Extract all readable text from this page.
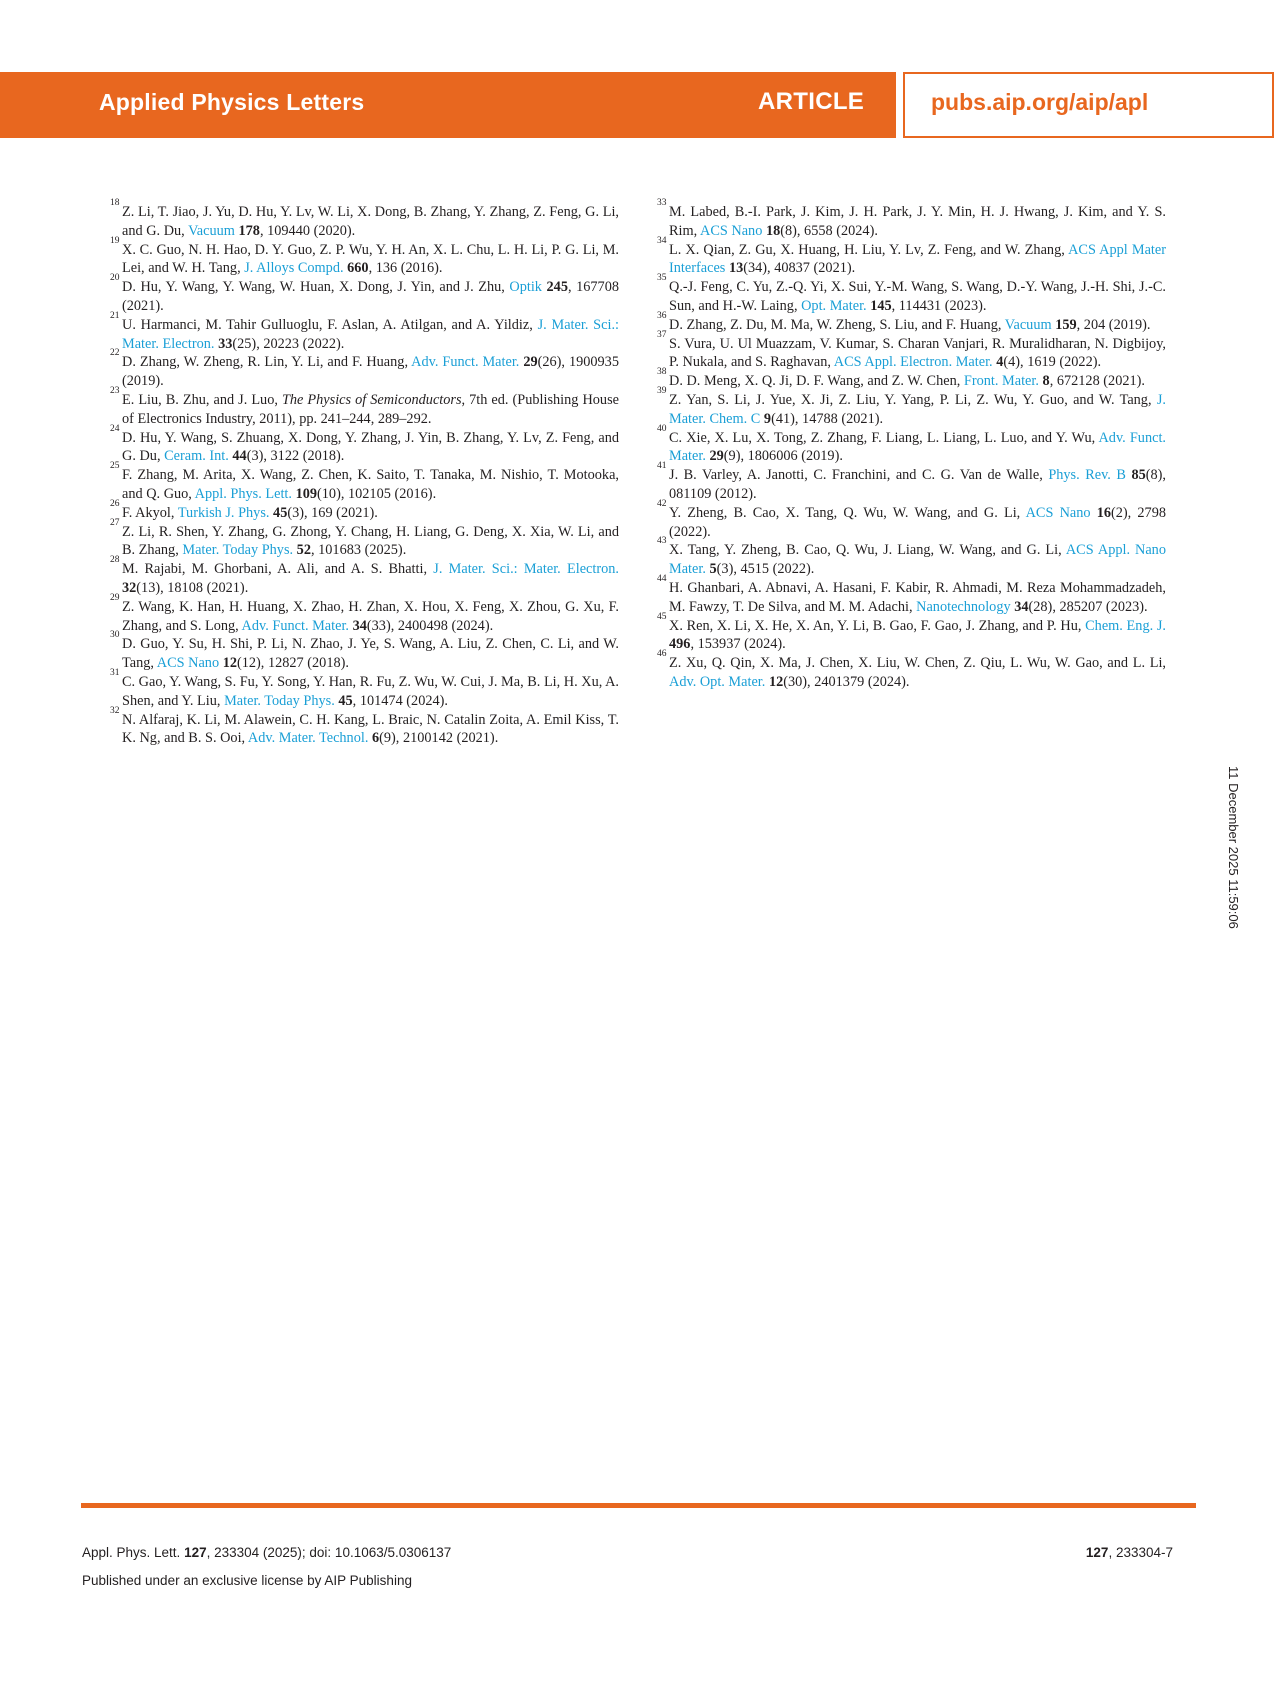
Applied Physics Letters	ARTICLE	pubs.aip.org/aip/apl
18
Z. Li, T. Jiao, J. Yu, D. Hu, Y. Lv, W. Li, X. Dong, B. Zhang, Y. Zhang, Z. Feng, G. Li, and G. Du, Vacuum 178, 109440 (2020).
19
X. C. Guo, N. H. Hao, D. Y. Guo, Z. P. Wu, Y. H. An, X. L. Chu, L. H. Li, P. G. Li, M. Lei, and W. H. Tang, J. Alloys Compd. 660, 136 (2016).
20
D. Hu, Y. Wang, Y. Wang, W. Huan, X. Dong, J. Yin, and J. Zhu, Optik 245, 167708 (2021).
21
U. Harmanci, M. Tahir Gulluoglu, F. Aslan, A. Atilgan, and A. Yildiz, J. Mater. Sci.: Mater. Electron. 33(25), 20223 (2022).
22
D. Zhang, W. Zheng, R. Lin, Y. Li, and F. Huang, Adv. Funct. Mater. 29(26), 1900935 (2019).
23
E. Liu, B. Zhu, and J. Luo, The Physics of Semiconductors, 7th ed. (Publishing House of Electronics Industry, 2011), pp. 241–244, 289–292.
24
D. Hu, Y. Wang, S. Zhuang, X. Dong, Y. Zhang, J. Yin, B. Zhang, Y. Lv, Z. Feng, and G. Du, Ceram. Int. 44(3), 3122 (2018).
25
F. Zhang, M. Arita, X. Wang, Z. Chen, K. Saito, T. Tanaka, M. Nishio, T. Motooka, and Q. Guo, Appl. Phys. Lett. 109(10), 102105 (2016).
26
F. Akyol, Turkish J. Phys. 45(3), 169 (2021).
27
Z. Li, R. Shen, Y. Zhang, G. Zhong, Y. Chang, H. Liang, G. Deng, X. Xia, W. Li, and B. Zhang, Mater. Today Phys. 52, 101683 (2025).
28
M. Rajabi, M. Ghorbani, A. Ali, and A. S. Bhatti, J. Mater. Sci.: Mater. Electron. 32(13), 18108 (2021).
29
Z. Wang, K. Han, H. Huang, X. Zhao, H. Zhan, X. Hou, X. Feng, X. Zhou, G. Xu, F. Zhang, and S. Long, Adv. Funct. Mater. 34(33), 2400498 (2024).
30
D. Guo, Y. Su, H. Shi, P. Li, N. Zhao, J. Ye, S. Wang, A. Liu, Z. Chen, C. Li, and W. Tang, ACS Nano 12(12), 12827 (2018).
31
C. Gao, Y. Wang, S. Fu, Y. Song, Y. Han, R. Fu, Z. Wu, W. Cui, J. Ma, B. Li, H. Xu, A. Shen, and Y. Liu, Mater. Today Phys. 45, 101474 (2024).
32
N. Alfaraj, K. Li, M. Alawein, C. H. Kang, L. Braic, N. Catalin Zoita, A. Emil Kiss, T. K. Ng, and B. S. Ooi, Adv. Mater. Technol. 6(9), 2100142 (2021).
33
M. Labed, B.-I. Park, J. Kim, J. H. Park, J. Y. Min, H. J. Hwang, J. Kim, and Y. S. Rim, ACS Nano 18(8), 6558 (2024).
34
L. X. Qian, Z. Gu, X. Huang, H. Liu, Y. Lv, Z. Feng, and W. Zhang, ACS Appl Mater Interfaces 13(34), 40837 (2021).
35
Q.-J. Feng, C. Yu, Z.-Q. Yi, X. Sui, Y.-M. Wang, S. Wang, D.-Y. Wang, J.-H. Shi, J.-C. Sun, and H.-W. Laing, Opt. Mater. 145, 114431 (2023).
36
D. Zhang, Z. Du, M. Ma, W. Zheng, S. Liu, and F. Huang, Vacuum 159, 204 (2019).
37
S. Vura, U. Ul Muazzam, V. Kumar, S. Charan Vanjari, R. Muralidharan, N. Digbijoy, P. Nukala, and S. Raghavan, ACS Appl. Electron. Mater. 4(4), 1619 (2022).
38
D. D. Meng, X. Q. Ji, D. F. Wang, and Z. W. Chen, Front. Mater. 8, 672128 (2021).
39
Z. Yan, S. Li, J. Yue, X. Ji, Z. Liu, Y. Yang, P. Li, Z. Wu, Y. Guo, and W. Tang, J. Mater. Chem. C 9(41), 14788 (2021).
40
C. Xie, X. Lu, X. Tong, Z. Zhang, F. Liang, L. Liang, L. Luo, and Y. Wu, Adv. Funct. Mater. 29(9), 1806006 (2019).
41
J. B. Varley, A. Janotti, C. Franchini, and C. G. Van de Walle, Phys. Rev. B 85(8), 081109 (2012).
42
Y. Zheng, B. Cao, X. Tang, Q. Wu, W. Wang, and G. Li, ACS Nano 16(2), 2798 (2022).
43
X. Tang, Y. Zheng, B. Cao, Q. Wu, J. Liang, W. Wang, and G. Li, ACS Appl. Nano Mater. 5(3), 4515 (2022).
44
H. Ghanbari, A. Abnavi, A. Hasani, F. Kabir, R. Ahmadi, M. Reza Mohammadzadeh, M. Fawzy, T. De Silva, and M. M. Adachi, Nanotechnology 34(28), 285207 (2023).
45
X. Ren, X. Li, X. He, X. An, Y. Li, B. Gao, F. Gao, J. Zhang, and P. Hu, Chem. Eng. J. 496, 153937 (2024).
46
Z. Xu, Q. Qin, X. Ma, J. Chen, X. Liu, W. Chen, Z. Qiu, L. Wu, W. Gao, and L. Li, Adv. Opt. Mater. 12(30), 2401379 (2024).
11 December 2025 11:59:06
Appl. Phys. Lett. 127, 233304 (2025); doi: 10.1063/5.0306137	127, 233304-7
Published under an exclusive license by AIP Publishing
